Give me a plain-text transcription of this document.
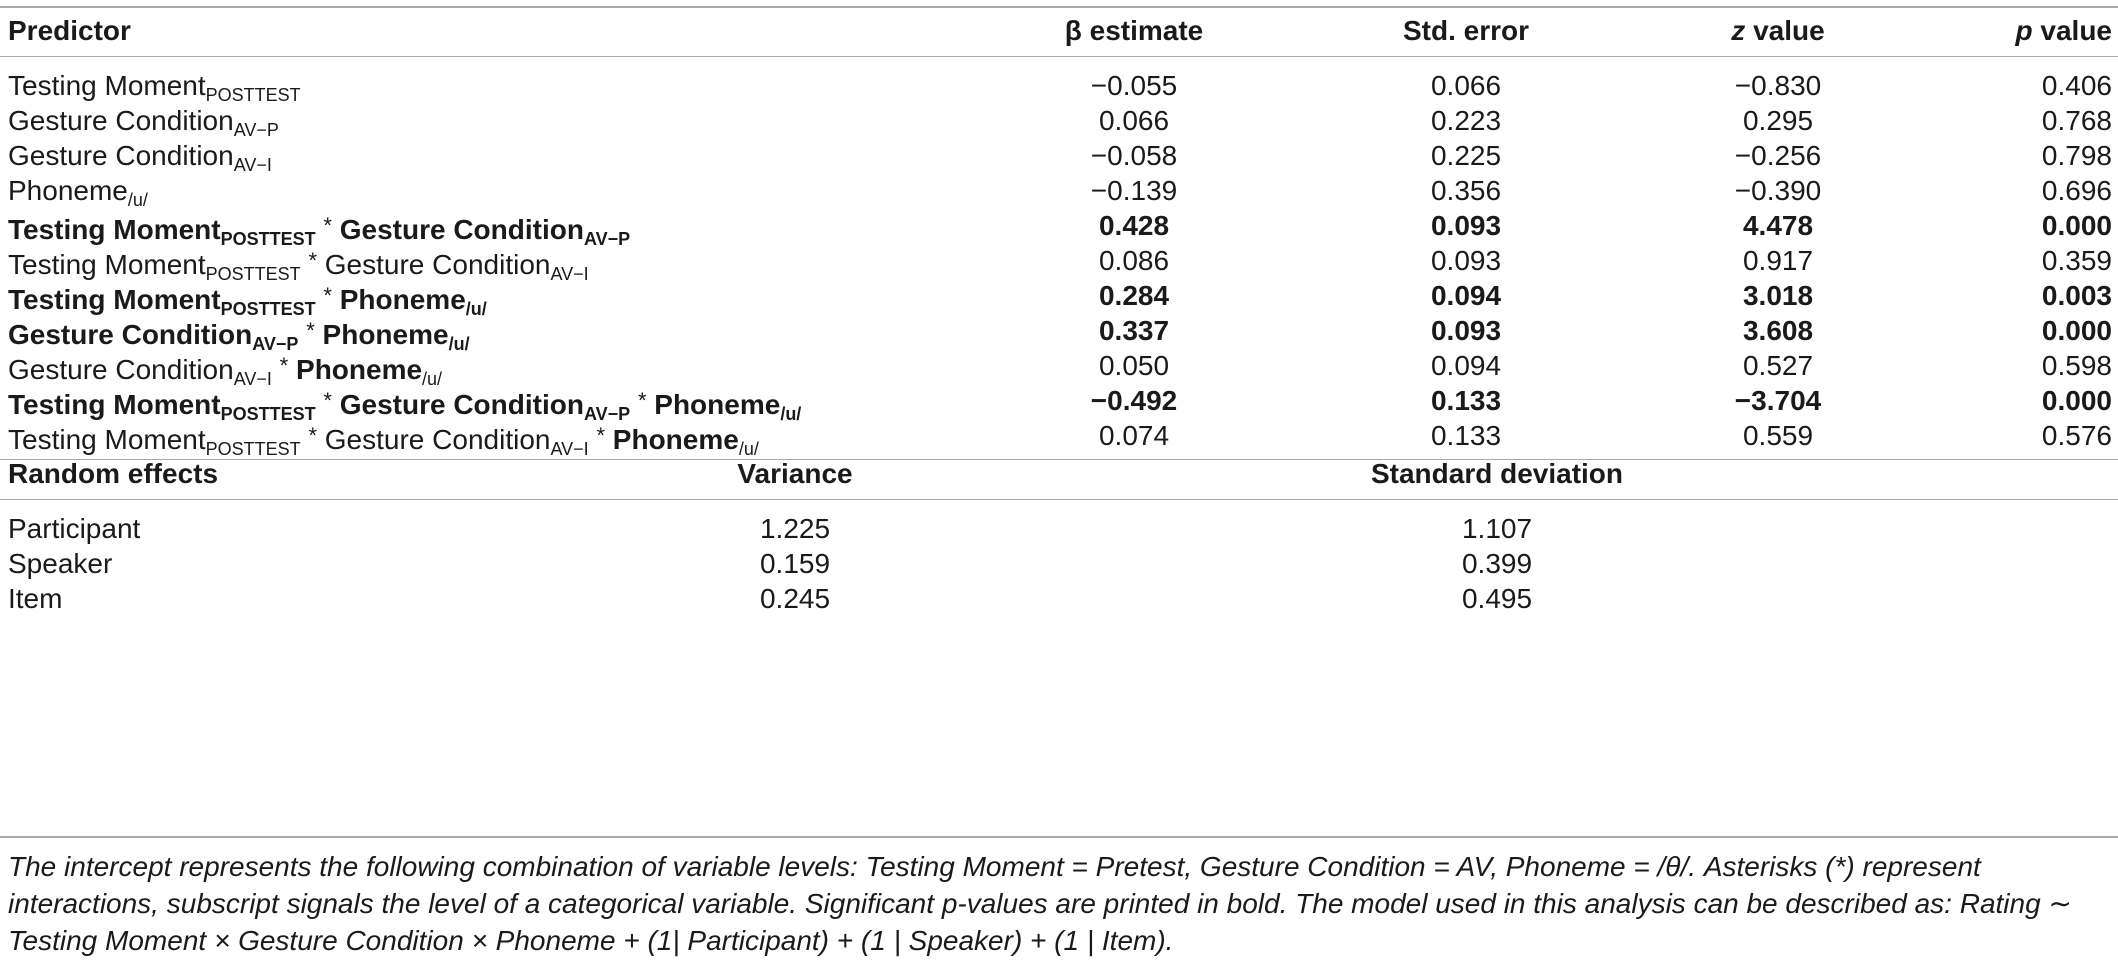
Predictor	β estimate	Std. error	z value	p value
Testing Moment$_{POSTTEST}$	−0.055	0.066	−0.830	0.406
Gesture Condition$_{AV-P}$	0.066	0.223	0.295	0.768
Gesture Condition$_{AV-I}$	−0.058	0.225	−0.256	0.798
Phoneme$_{/u/}$	−0.139	0.356	−0.390	0.696
Testing Moment$_{POSTTEST}$ * Gesture Condition$_{AV-P}$	0.428	0.093	4.478	0.000
Testing Moment$_{POSTTEST}$ * Gesture Condition$_{AV-I}$	0.086	0.093	0.917	0.359
Testing Moment$_{POSTTEST}$ * Phoneme$_{/u/}$	0.284	0.094	3.018	0.003
Gesture Condition$_{AV-P}$ * Phoneme$_{/u/}$	0.337	0.093	3.608	0.000
Gesture Condition$_{AV-I}$ * Phoneme$_{/u/}$	0.050	0.094	0.527	0.598
Testing Moment$_{POSTTEST}$ * Gesture Condition$_{AV-P}$ * Phoneme$_{/u/}$	−0.492	0.133	−3.704	0.000
Testing Moment$_{POSTTEST}$ * Gesture Condition$_{AV-I}$ * Phoneme$_{/u/}$	0.074	0.133	0.559	0.576
Random effects	Variance	Standard deviation
Participant	1.225	1.107
Speaker	0.159	0.399
Item	0.245	0.495
The intercept represents the following combination of variable levels: Testing Moment = Pretest, Gesture Condition = AV, Phoneme = /θ/. Asterisks (*) represent interactions, subscript signals the level of a categorical variable. Significant p-values are printed in bold. The model used in this analysis can be described as: Rating ∼ Testing Moment × Gesture Condition × Phoneme + (1| Participant) + (1 | Speaker) + (1 | Item).
